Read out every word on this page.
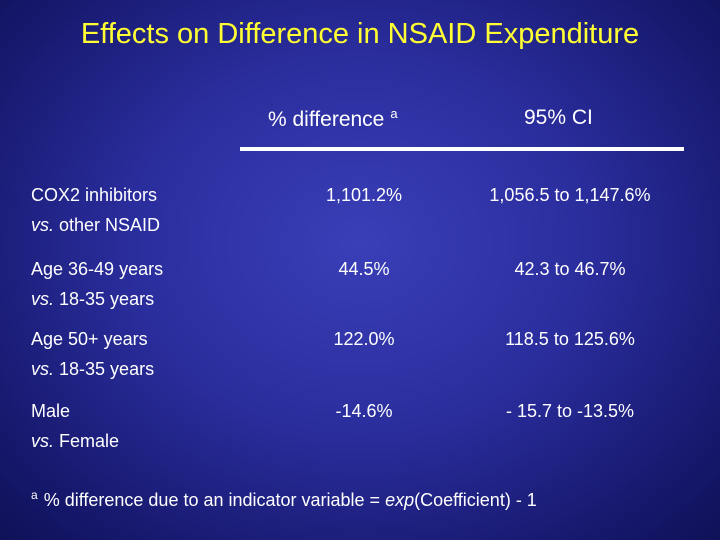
Effects on Difference in NSAID Expenditure
% difference $^a$	95% CI
COX2 inhibitors
vs. other NSAID
1,101.2%	1,056.5 to 1,147.6%
Age 36-49 years
vs. 18-35 years
44.5%	42.3 to 46.7%
Age 50+ years
vs. 18-35 years
122.0%	118.5 to 125.6%
Male
vs. Female
-14.6%	- 15.7 to -13.5%
$^a$ % difference due to an indicator variable = exp(Coefficient) - 1
